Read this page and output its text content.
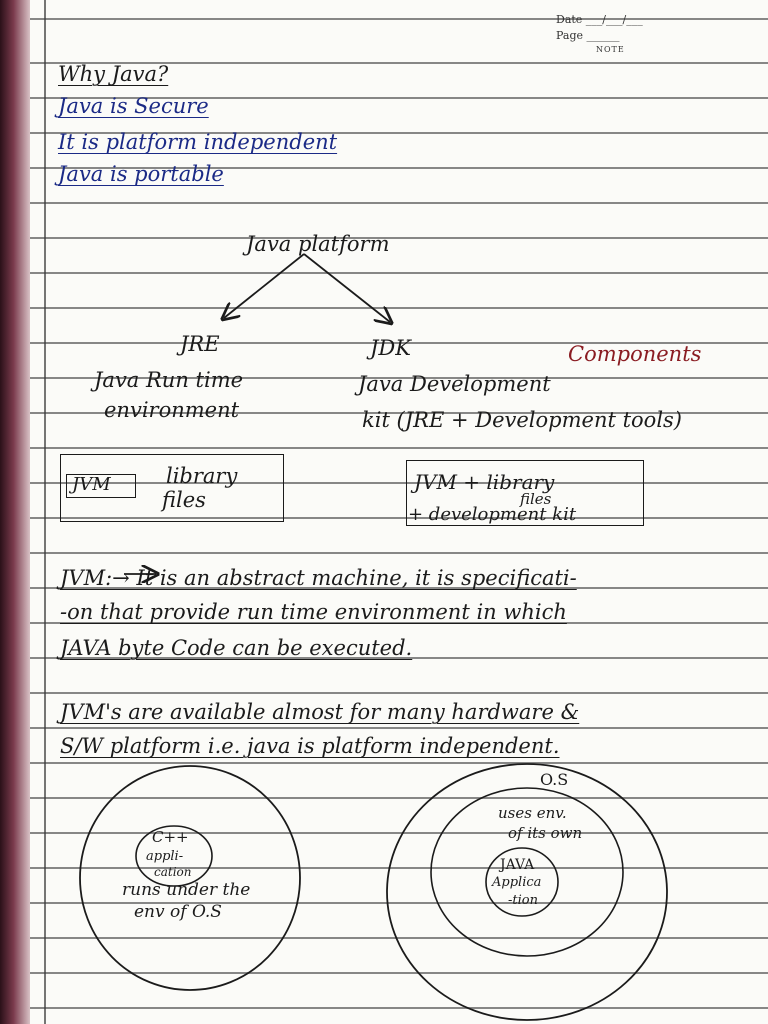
Date ___/___/___
Page ______
NOTE
Why Java?
Java is Secure
It is platform independent
Java is portable
Java platform
JRE
Java Run time
environment
JDK
Java Development
kit (JRE + Development tools)
Components
JVM	library
files
JVM + library
files
+ development kit
JVM:→ It is an abstract machine, it is specificati-
-on that provide run time environment in which
JAVA byte Code can be executed.
JVM's are available almost for many hardware &
S/W platform i.e. java is platform independent.
C++
appli-
cation
runs under the
env of O.S
O.S
uses env.
of its own
JAVA
Applica
-tion
